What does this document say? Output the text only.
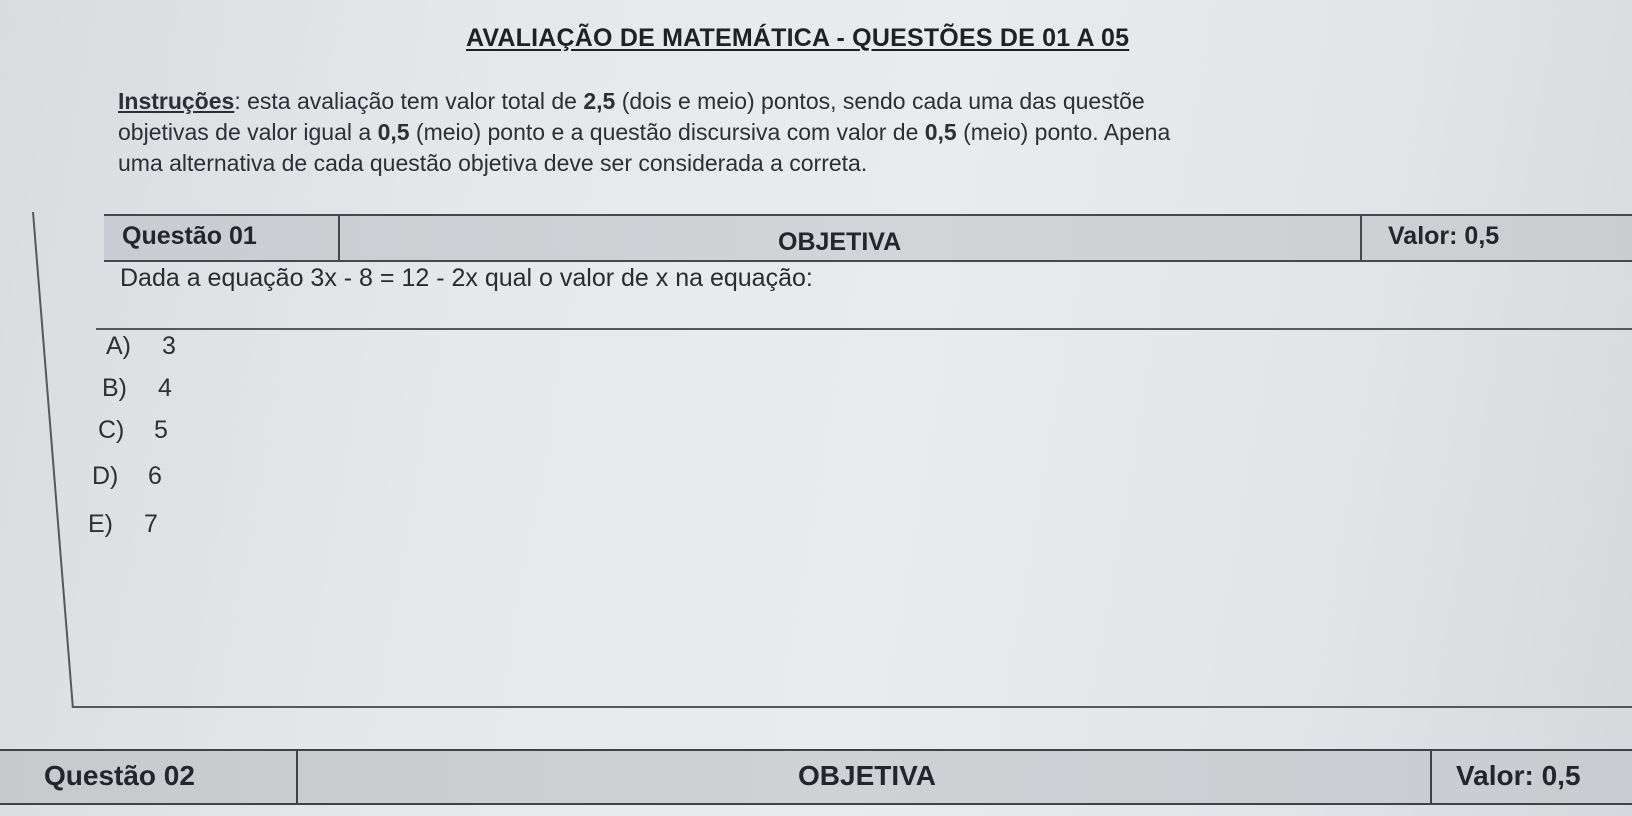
AVALIAÇÃO DE MATEMÁTICA - QUESTÕES DE 01 A 05
Instruções: esta avaliação tem valor total de 2,5 (dois e meio) pontos, sendo cada uma das questõe
objetivas de valor igual a 0,5 (meio) ponto e a questão discursiva com valor de 0,5 (meio) ponto. Apena
uma alternativa de cada questão objetiva deve ser considerada a correta.
Questão 01	OBJETIVA	Valor: 0,5
Dada a equação 3x - 8 = 12 - 2x qual o valor de x na equação:
A) 3
B) 4
C) 5
D) 6
E) 7
Questão 02	OBJETIVA	Valor: 0,5
